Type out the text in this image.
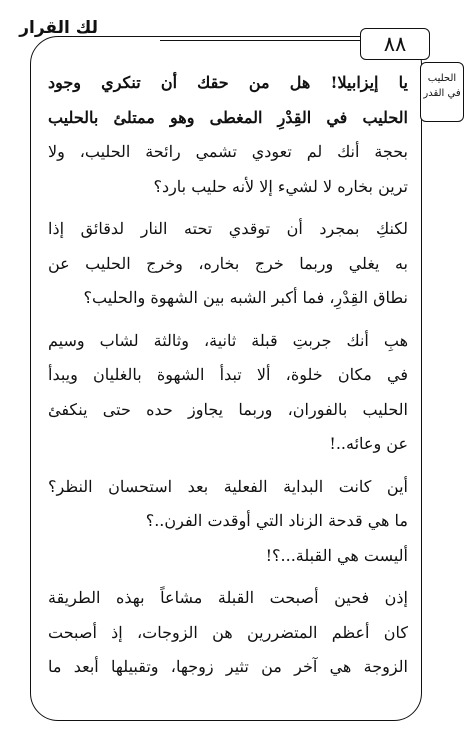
لك القرار
٨٨
الحليب
في القدر
يا إيزابيلا! هل من حقك أن تنكري وجود
الحليب في القِدْرِ المغطى وهو ممتلئ بالحليب
بحجة أنك لم تعودي تشمي رائحة الحليب، ولا
ترين بخاره لا لشيء إلا لأنه حليب بارد؟
لكنكِ بمجرد أن توقدي تحته النار لدقائق إذا
به يغلي وربما خرج بخاره، وخرج الحليب عن
نطاق القِدْرِ، فما أكبر الشبه بين الشهوة والحليب؟
هبِ أنك جربتِ قبلة ثانية، وثالثة لشاب وسيم
في مكان خلوة، ألا تبدأ الشهوة بالغليان ويبدأ
الحليب بالفوران، وربما يجاوز حده حتى ينكفئ
عن وعائه..!
أين كانت البداية الفعلية بعد استحسان النظر؟
ما هي قدحة الزناد التي أوقدت الفرن..؟
أليست هي القبلة...؟!
إذن فحين أصبحت القبلة مشاعاً بهذه الطريقة
كان أعظم المتضررين هن الزوجات، إذ أصبحت
الزوجة هي آخر من تثير زوجها، وتقبيلها أبعد ما
